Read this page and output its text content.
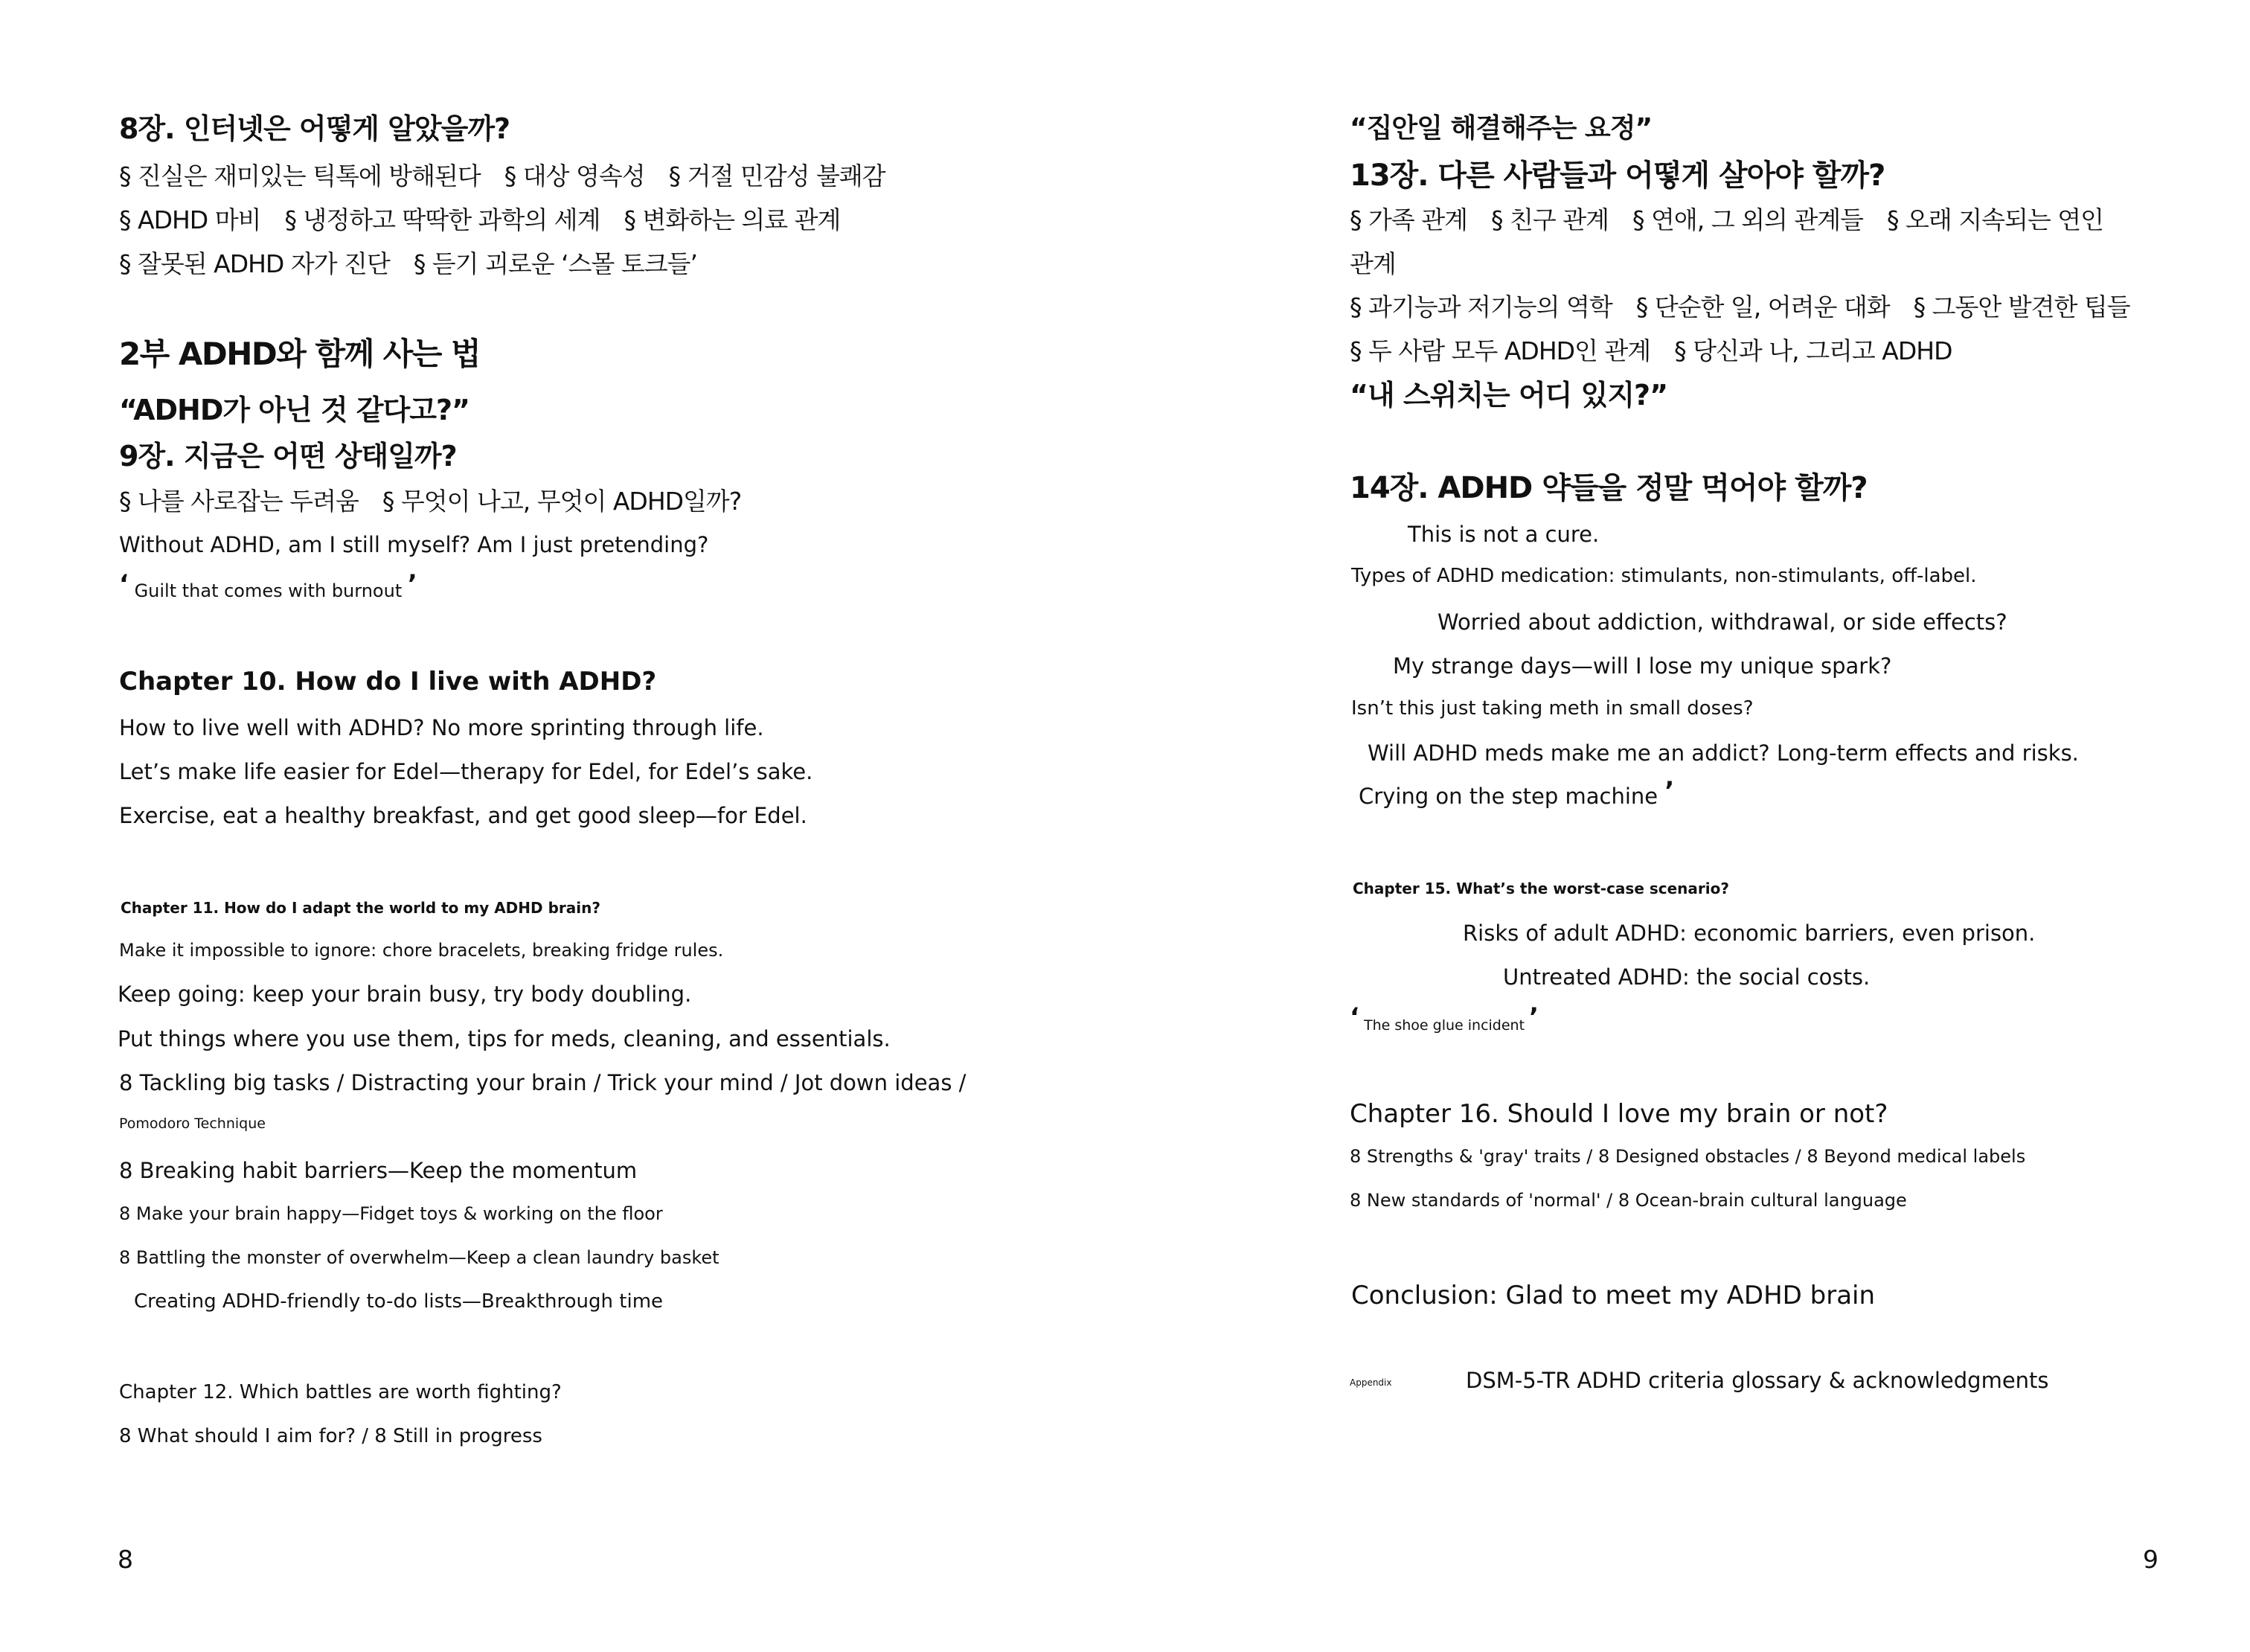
8장. 인터넷은 어떻게 알았을까?
§ 진실은 재미있는 틱톡에 방해된다　§ 대상 영속성　§ 거절 민감성 불쾌감
§ ADHD 마비　§ 냉정하고 딱딱한 과학의 세계　§ 변화하는 의료 관계
§ 잘못된 ADHD 자가 진단　§ 듣기 괴로운 ‘스몰 토크들’
2부 ADHD와 함께 사는 법
“ADHD가 아닌 것 같다고?”
9장. 지금은 어떤 상태일까?
§ 나를 사로잡는 두려움　§ 무엇이 나고, 무엇이 ADHD일까?
Without ADHD, am I still myself? Am I just pretending?
‘ Guilt that comes with burnout ’
Chapter 10. How do I live with ADHD?
How to live well with ADHD? No more sprinting through life.
Let’s make life easier for Edel—therapy for Edel, for Edel’s sake.
Exercise, eat a healthy breakfast, and get good sleep—for Edel.
Chapter 11. How do I adapt the world to my ADHD brain?
Make it impossible to ignore: chore bracelets, breaking fridge rules.
Keep going: keep your brain busy, try body doubling.
Put things where you use them, tips for meds, cleaning, and essentials.
8 Tackling big tasks / Distracting your brain / Trick your mind / Jot down ideas /
Pomodoro Technique
8 Breaking habit barriers—Keep the momentum
8 Make your brain happy—Fidget toys & working on the floor
8 Battling the monster of overwhelm—Keep a clean laundry basket
Creating ADHD-friendly to-do lists—Breakthrough time
Chapter 12. Which battles are worth fighting?
8 What should I aim for? / 8 Still in progress
8
“집안일 해결해주는 요정”
13장. 다른 사람들과 어떻게 살아야 할까?
§ 가족 관계　§ 친구 관계　§ 연애, 그 외의 관계들　§ 오래 지속되는 연인
관계
§ 과기능과 저기능의 역학　§ 단순한 일, 어려운 대화　§ 그동안 발견한 팁들
§ 두 사람 모두 ADHD인 관계　§ 당신과 나, 그리고 ADHD
“내 스위치는 어디 있지?”
14장. ADHD 약들을 정말 먹어야 할까?
This is not a cure.
Types of ADHD medication: stimulants, non-stimulants, off-label.
Worried about addiction, withdrawal, or side effects?
My strange days—will I lose my unique spark?
Isn’t this just taking meth in small doses?
Will ADHD meds make me an addict? Long-term effects and risks.
Crying on the step machine ’
Chapter 15. What’s the worst-case scenario?
Risks of adult ADHD: economic barriers, even prison.
Untreated ADHD: the social costs.
‘ The shoe glue incident ’
Chapter 16. Should I love my brain or not?
8 Strengths & 'gray' traits / 8 Designed obstacles / 8 Beyond medical labels
8 New standards of 'normal' / 8 Ocean-brain cultural language
Conclusion: Glad to meet my ADHD brain
Appendix	DSM-5-TR ADHD criteria glossary & acknowledgments
9
